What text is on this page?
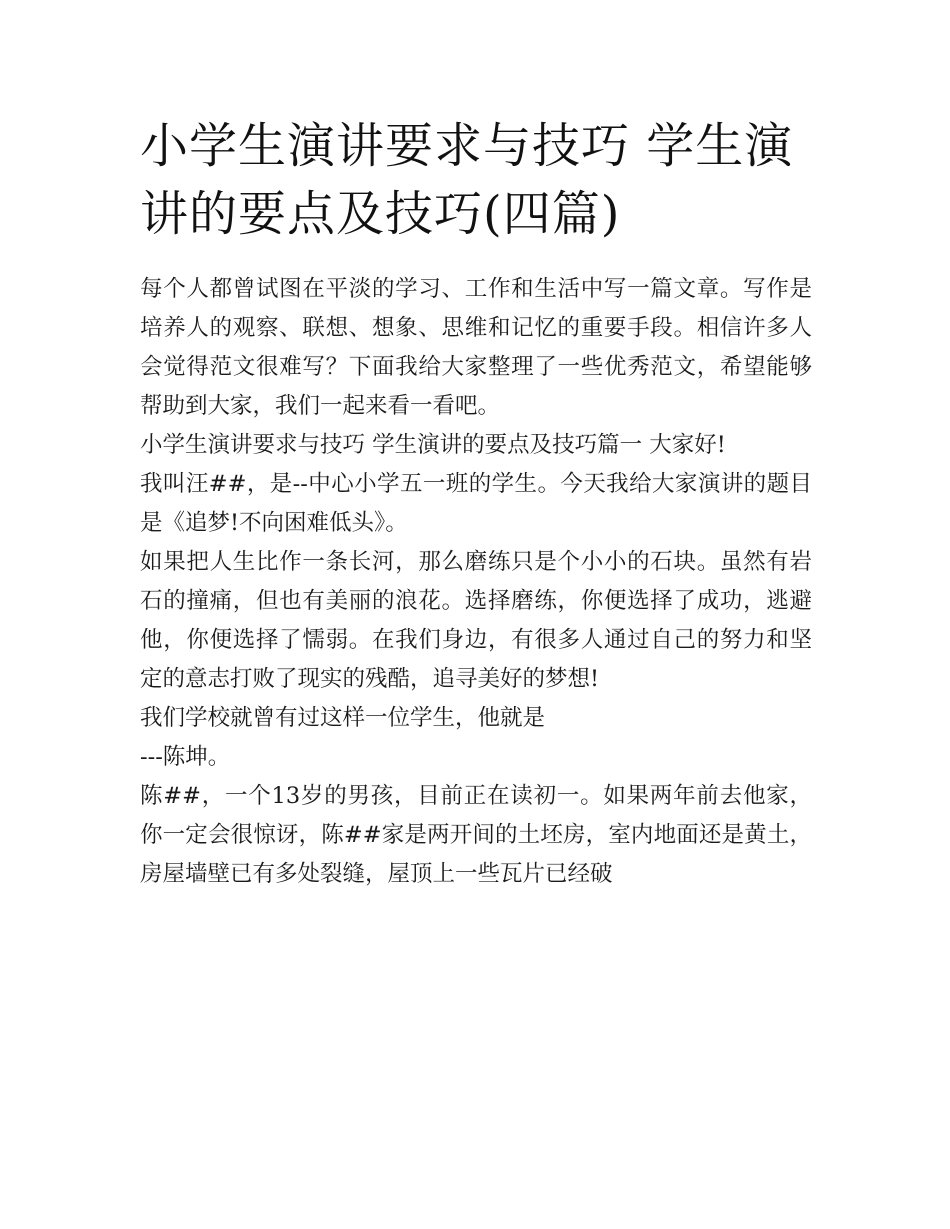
小学生演讲要求与技巧 学生演
讲的要点及技巧(四篇)

每个人都曾试图在平淡的学习、工作和生活中写一篇文章。写作是培养人的观察、联想、想象、思维和记忆的重要手段。相信许多人会觉得范文很难写？下面我给大家整理了一些优秀范文，希望能够帮助到大家，我们一起来看一看吧。

小学生演讲要求与技巧 学生演讲的要点及技巧篇一 大家好!

我叫汪##，是--中心小学五一班的学生。今天我给大家演讲的题目是《追梦!不向困难低头》。

如果把人生比作一条长河，那么磨练只是个小小的石块。虽然有岩石的撞痛，但也有美丽的浪花。选择磨练，你便选择了成功，逃避他，你便选择了懦弱。在我们身边，有很多人通过自己的努力和坚定的意志打败了现实的残酷，追寻美好的梦想!

我们学校就曾有过这样一位学生，他就是

---陈坤。

陈##，一个13岁的男孩，目前正在读初一。如果两年前去他家，你一定会很惊讶，陈##家是两开间的土坯房，室内地面还是黄土，房屋墙壁已有多处裂缝，屋顶上一些瓦片已经破
